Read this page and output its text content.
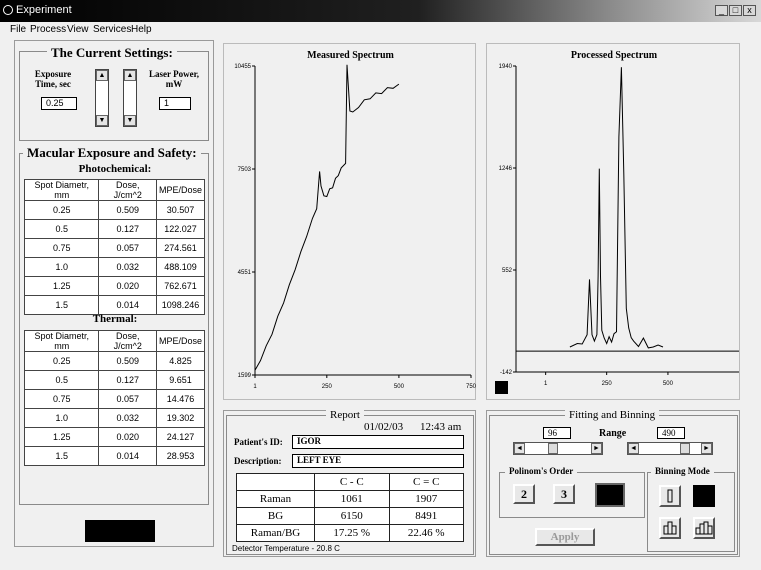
Experiment	_ □	x
File Process View Services Help
The Current Settings:
Exposure Time, sec
0.25
▲
▼
▲
▼
Laser Power, mW
1
Macular Exposure and Safety:
Photochemical:
Spot Diametr, mm	Dose, J/cm^2	MPE/Dose
0.25	0.509	30.507
0.5	0.127	122.027
0.75	0.057	274.561
1.0	0.032	488.109
1.25	0.020	762.671
1.5	0.014	1098.246
Thermal:
Spot Diametr, mm	Dose, J/cm^2	MPE/Dose
0.25	0.509	4.825
0.5	0.127	9.651
0.75	0.057	14.476
1.0	0.032	19.302
1.25	0.020	24.127
1.5	0.014	28.953
Measured Spectrum
1	250	500	750
1599
4551
7503
10455
Processed Spectrum
1	250	500
-142
552
1246
1940
Report
01/02/03 12:43 am
Patient's ID:	IGOR
Description:	LEFT EYE
	C - C	C = C
Raman	1061	1907
BG	6150	8491
Raman/BG	17.25 %	22.46 %
Detector Temperature - 20.8 C
Fitting and Binning
96	Range	490
◄	►	◄	►
Polinom's Order
2	3
Binning Mode
Apply
